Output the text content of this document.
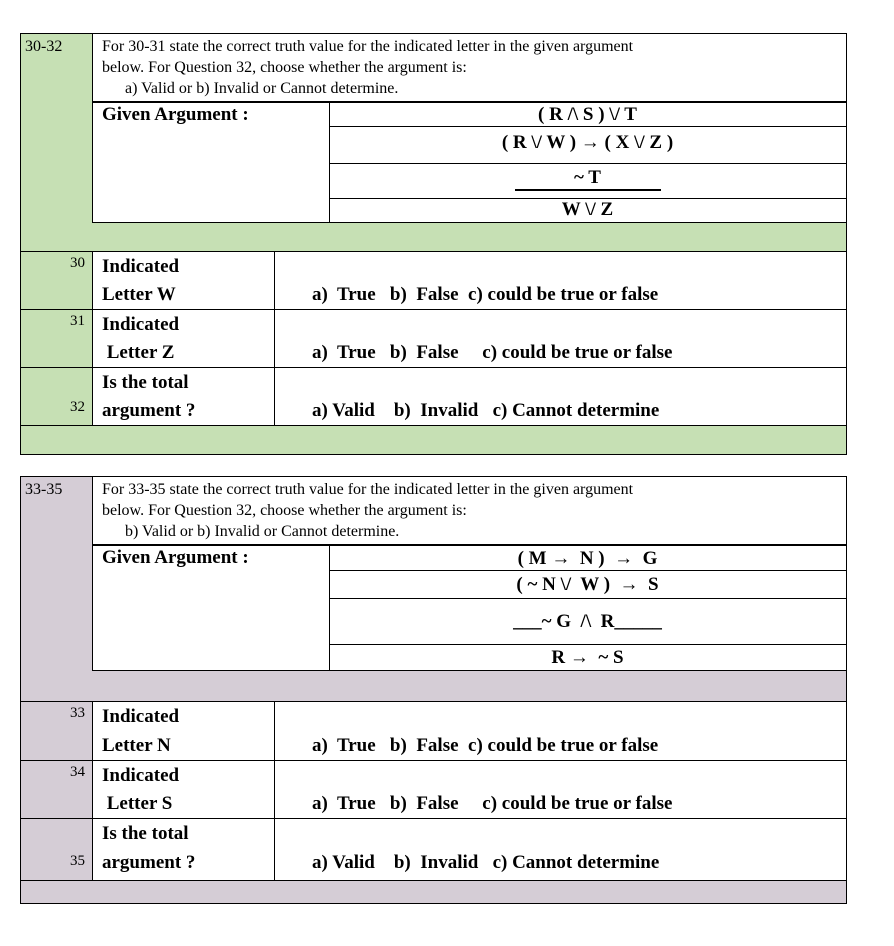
30-32 For 30-31 state the correct truth value for the indicated letter in the given argument
below. For Question 32, choose whether the argument is:
a) Valid or b) Invalid or Cannot determine.
Given Argument :	( R /\ S ) \/ T
( R \/ W ) → ( X \/ Z )
~ T
W \/ Z
30 Indicated
Letter W	a)  True   b)  False  c) could be true or false
31 Indicated
Letter Z	a)  True   b)  False     c) could be true or false
32
Is the total
argument ?	a) Valid    b)  Invalid   c) Cannot determine
33-35 For 33-35 state the correct truth value for the indicated letter in the given argument
below. For Question 32, choose whether the argument is:
b) Valid or b) Invalid or Cannot determine.
Given Argument :	( M →  N )  →  G
( ~ N \/  W )  →  S
___~ G  /\  R_____
R →  ~ S
33 Indicated
Letter N	a)  True   b)  False  c) could be true or false
34 Indicated
Letter S	a)  True   b)  False     c) could be true or false
35
Is the total
argument ?	a) Valid    b)  Invalid   c) Cannot determine
